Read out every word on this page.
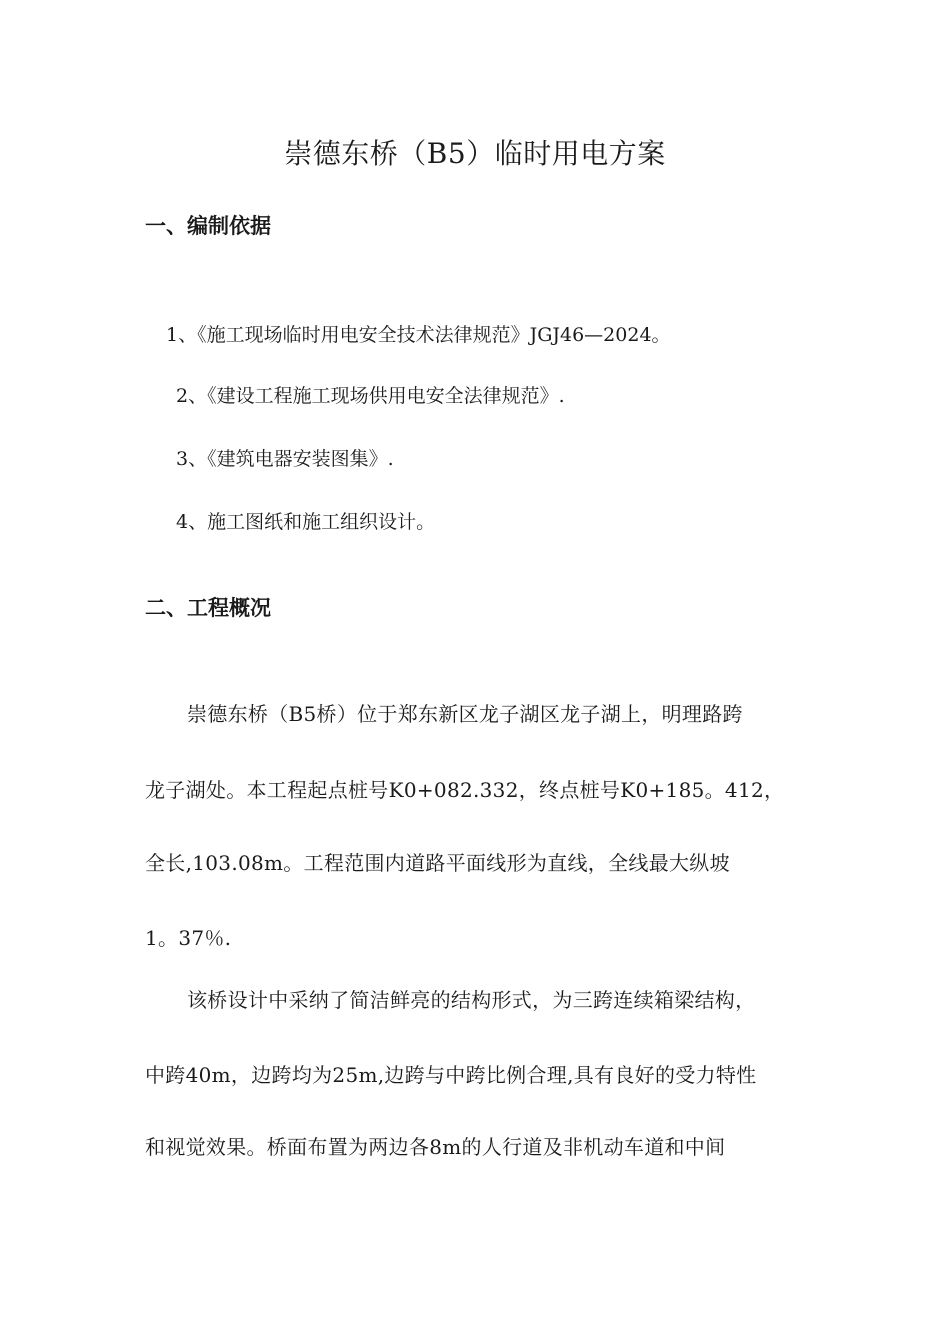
崇德东桥（B5）临时用电方案
一、编制依据
1、《施工现场临时用电安全技术法律规范》JGJ46—2024。
2、《建设工程施工现场供用电安全法律规范》.
3、《建筑电器安装图集》.
4、施工图纸和施工组织设计。
二、工程概况
崇德东桥（B5桥）位于郑东新区龙子湖区龙子湖上，明理路跨
龙子湖处。本工程起点桩号K0+082.332，终点桩号K0+185。412，
全长,103.08m。工程范围内道路平面线形为直线，全线最大纵坡
1。37％.
该桥设计中采纳了简洁鲜亮的结构形式，为三跨连续箱梁结构，
中跨40m，边跨均为25m,边跨与中跨比例合理,具有良好的受力特性
和视觉效果。桥面布置为两边各8m的人行道及非机动车道和中间
